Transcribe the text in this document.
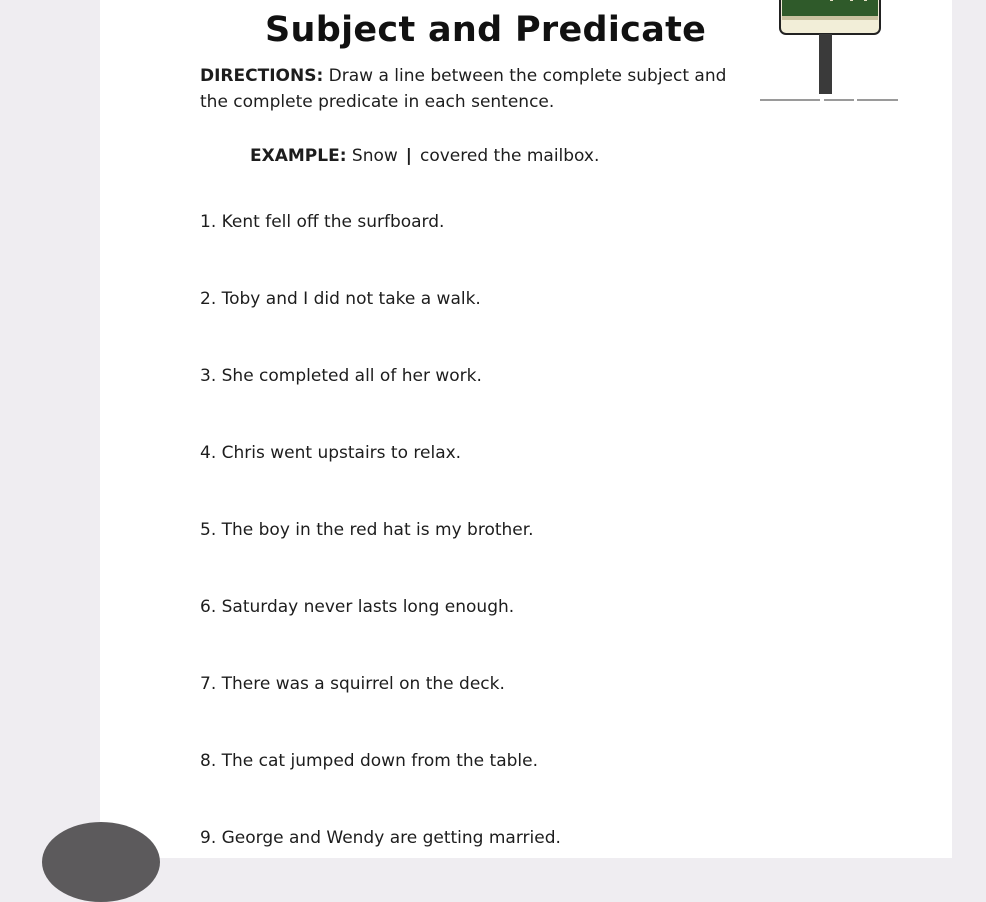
Subject and Predicate
DIRECTIONS: Draw a line between the complete subject and the complete predicate in each sentence.
EXAMPLE: Snow | covered the mailbox.
1. Kent fell off the surfboard.
2. Toby and I did not take a walk.
3. She completed all of her work.
4. Chris went upstairs to relax.
5. The boy in the red hat is my brother.
6. Saturday never lasts long enough.
7. There was a squirrel on the deck.
8. The cat jumped down from the table.
9. George and Wendy are getting married.
